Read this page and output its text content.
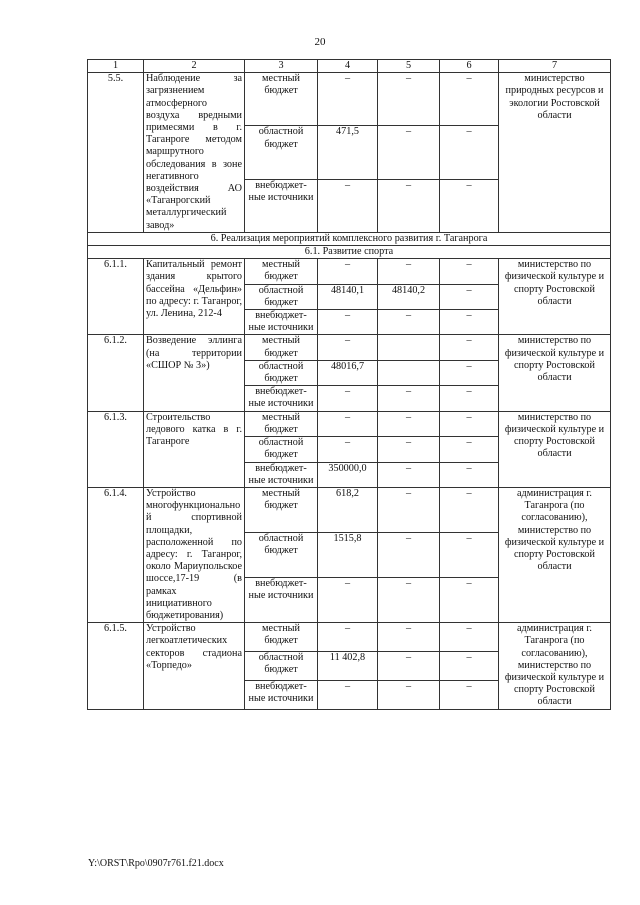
20
1	2	3	4	5	6	7
5.5.	Наблюдение за загрязнением атмосферного воздуха вредными примесями в г. Таганроге методом маршрутного обследования в зоне негативного воздействия АО «Таганрогский металлургический завод»	местный бюджет	–	–	–	министерство природных ресурсов и экологии Ростовской области
		областной бюджет	471,5	–	–	
		внебюджет-ные источники	–	–	–	
6. Реализация мероприятий комплексного развития г. Таганрога						
6.1. Развитие спорта						
6.1.1.	Капитальный ремонт здания крытого бассейна «Дельфин» по адресу: г. Таганрог, ул. Ленина, 212-4	местный бюджет	–	–	–	министерство по физической культуре и спорту Ростовской области
		областной бюджет	48140,1	48140,2	–	
		внебюджет-ные источники	–	–	–	
6.1.2.	Возведение эллинга (на территории «СШОР № 3»)	местный бюджет	–		–	министерство по физической культуре и спорту Ростовской области
		областной бюджет	48016,7		–	
		внебюджет-ные источники	–	–	–	
6.1.3.	Строительство ледового катка в г. Таганроге	местный бюджет	–	–	–	министерство по физической культуре и спорту Ростовской области
		областной бюджет	–	–	–	
		внебюджет-ные источники	350000,0	–	–	
6.1.4.	Устройство многофункциональной спортивной площадки, расположенной по адресу: г. Таганрог, около Мариупольское шоссе,17-19 (в рамках инициативного бюджетирования)	местный бюджет	618,2	–	–	администрация г. Таганрога (по согласованию), министерство по физической культуре и спорту Ростовской области
		областной бюджет	1515,8	–	–	
		внебюджет-ные источники	–	–	–	
6.1.5.	Устройство легкоатлетических секторов стадиона «Торпедо»	местный бюджет	–	–	–	администрация г. Таганрога (по согласованию), министерство по физической культуре и спорту Ростовской области
		областной бюджет	11 402,8	–	–	
		внебюджет-ные источники	–	–	–	
Y:\ORST\Rpo\0907r761.f21.docx
